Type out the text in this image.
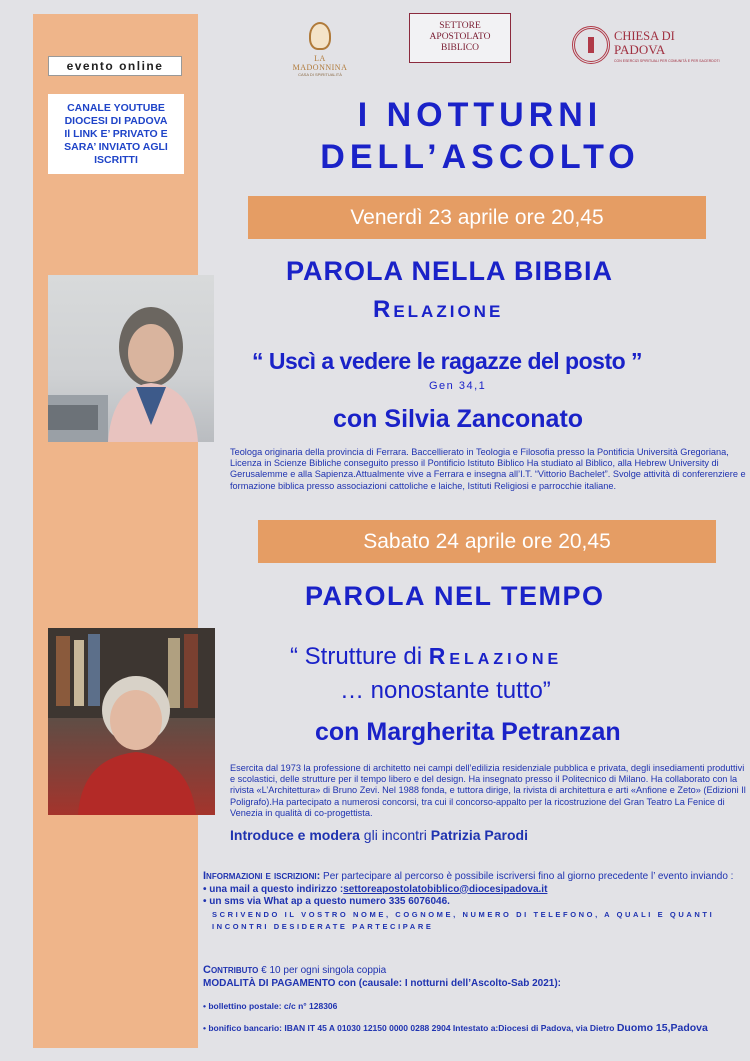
evento online
CANALE YOUTUBE
DIOCESI DI PADOVA
Il LINK E’ PRIVATO E
SARA’ INVIATO AGLI
ISCRITTI
LA MADONNINA
CASA DI SPIRITUALITÀ
SETTORE
APOSTOLATO
BIBLICO
CHIESA DI
PADOVA
CON ESERCIZI SPIRITUALI PER COMUNITÀ E PER SACERDOTI
I NOTTURNI
DELL’ASCOLTO
Venerdì 23 aprile ore 20,45
PAROLA NELLA BIBBIA
Relazione
“ Uscì a vedere le ragazze del posto ”
Gen 34,1
con Silvia Zanconato
Teologa originaria della provincia di Ferrara. Baccellierato in Teologia e Filosofia presso la Pontificia Università Gregoriana, Licenza in Scienze Bibliche conseguito presso il Pontificio Istituto Biblico Ha studiato al Biblico, alla Hebrew University di Gerusalemme e alla Sapienza.Attualmente vive a Ferrara e insegna all’I.T. “Vittorio Bachelet”. Svolge attività di conferenziere e formazione biblica presso associazioni cattoliche e laiche, Istituti Religiosi e parrocchie italiane.
Sabato 24 aprile ore 20,45
PAROLA NEL TEMPO
“ Strutture di Relazione
… nonostante tutto”
con Margherita Petranzan
Esercita dal 1973 la professione di architetto nei campi dell’edilizia residenziale pubblica e privata, degli insediamenti produttivi e scolastici, delle strutture per il tempo libero e del design. Ha insegnato presso il Politecnico di Milano. Ha collaborato con la rivista «L’Architettura» di Bruno Zevi. Nel 1988 fonda, e tuttora dirige, la rivista di architettura e arti «Anfione e Zeto» (Edizioni Il Poligrafo).Ha partecipato a numerosi concorsi, tra cui il concorso-appalto per la ricostruzione del Gran Teatro La Fenice di Venezia in qualità di co-progettista.
Introduce e modera gli incontri Patrizia Parodi
Informazioni e iscrizioni: Per partecipare al percorso è possibile iscriversi fino al giorno precedente l’ evento inviando :
• una mail a questo indirizzo :settoreapostolatobiblico@diocesipadova.it
• un sms via What ap a questo numero 335 6076046.
SCRIVENDO IL VOSTRO NOME, COGNOME, NUMERO DI TELEFONO, A QUALI E QUANTI
INCONTRI DESIDERATE PARTECIPARE
Contributo € 10 per ogni singola coppia
MODALITÀ DI PAGAMENTO con (causale: I notturni dell’Ascolto-Sab 2021):
• bollettino postale: c/c n° 128306
• bonifico bancario: IBAN IT 45 A 01030 12150 0000 0288 2904 Intestato a:Diocesi di Padova, via Dietro Duomo 15,Padova
